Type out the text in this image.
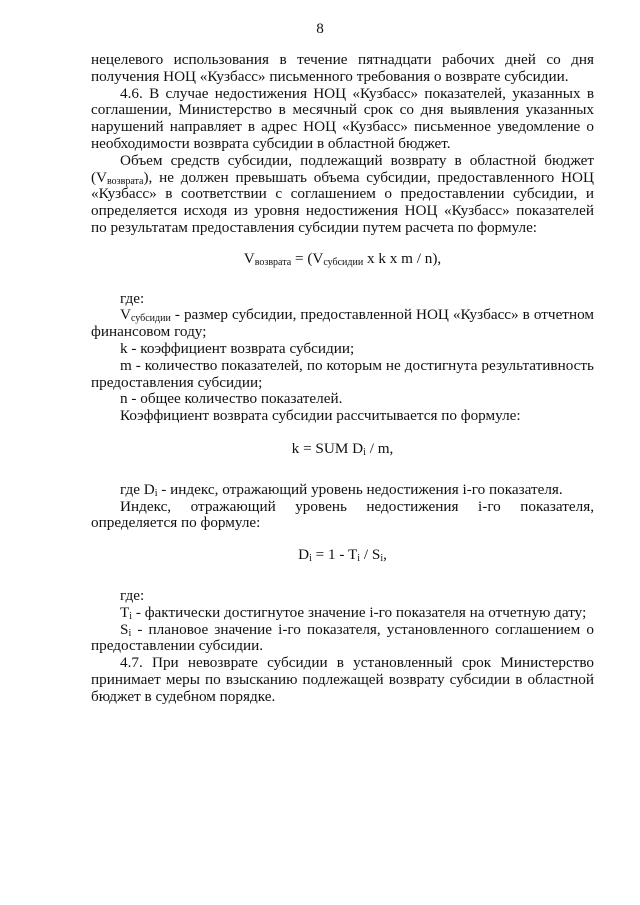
8

нецелевого использования в течение пятнадцати рабочих дней со дня получения НОЦ «Кузбасс» письменного требования о возврате субсидии.

4.6. В случае недостижения НОЦ «Кузбасс» показателей, указанных в соглашении, Министерство в месячный срок со дня выявления указанных нарушений направляет в адрес НОЦ «Кузбасс» письменное уведомление о необходимости возврата субсидии в областной бюджет.

Объем средств субсидии, подлежащий возврату в областной бюджет $(V_{возврата})$, не должен превышать объема субсидии, предоставленного НОЦ «Кузбасс» в соответствии с соглашением о предоставлении субсидии, и определяется исходя из уровня недостижения НОЦ «Кузбасс» показателей по результатам предоставления субсидии путем расчета по формуле:

$V_{возврата} = (V_{субсидии}$ x k x m / n),

где:

$V_{субсидии}$ - размер субсидии, предоставленной НОЦ «Кузбасс» в отчетном финансовом году;

k - коэффициент возврата субсидии;

m - количество показателей, по которым не достигнута результативность предоставления субсидии;

n - общее количество показателей.

Коэффициент возврата субсидии рассчитывается по формуле:

k = SUM $D_i$ / m,

где $D_i$ - индекс, отражающий уровень недостижения i-го показателя.

Индекс, отражающий уровень недостижения i-го показателя, определяется по формуле:

$D_i = 1 - T_i / S_i$,

где:

$T_i$ - фактически достигнутое значение i-го показателя на отчетную дату;

$S_i$ - плановое значение i-го показателя, установленного соглашением о предоставлении субсидии.

4.7. При невозврате субсидии в установленный срок Министерство принимает меры по взысканию подлежащей возврату субсидии в областной бюджет в судебном порядке.
